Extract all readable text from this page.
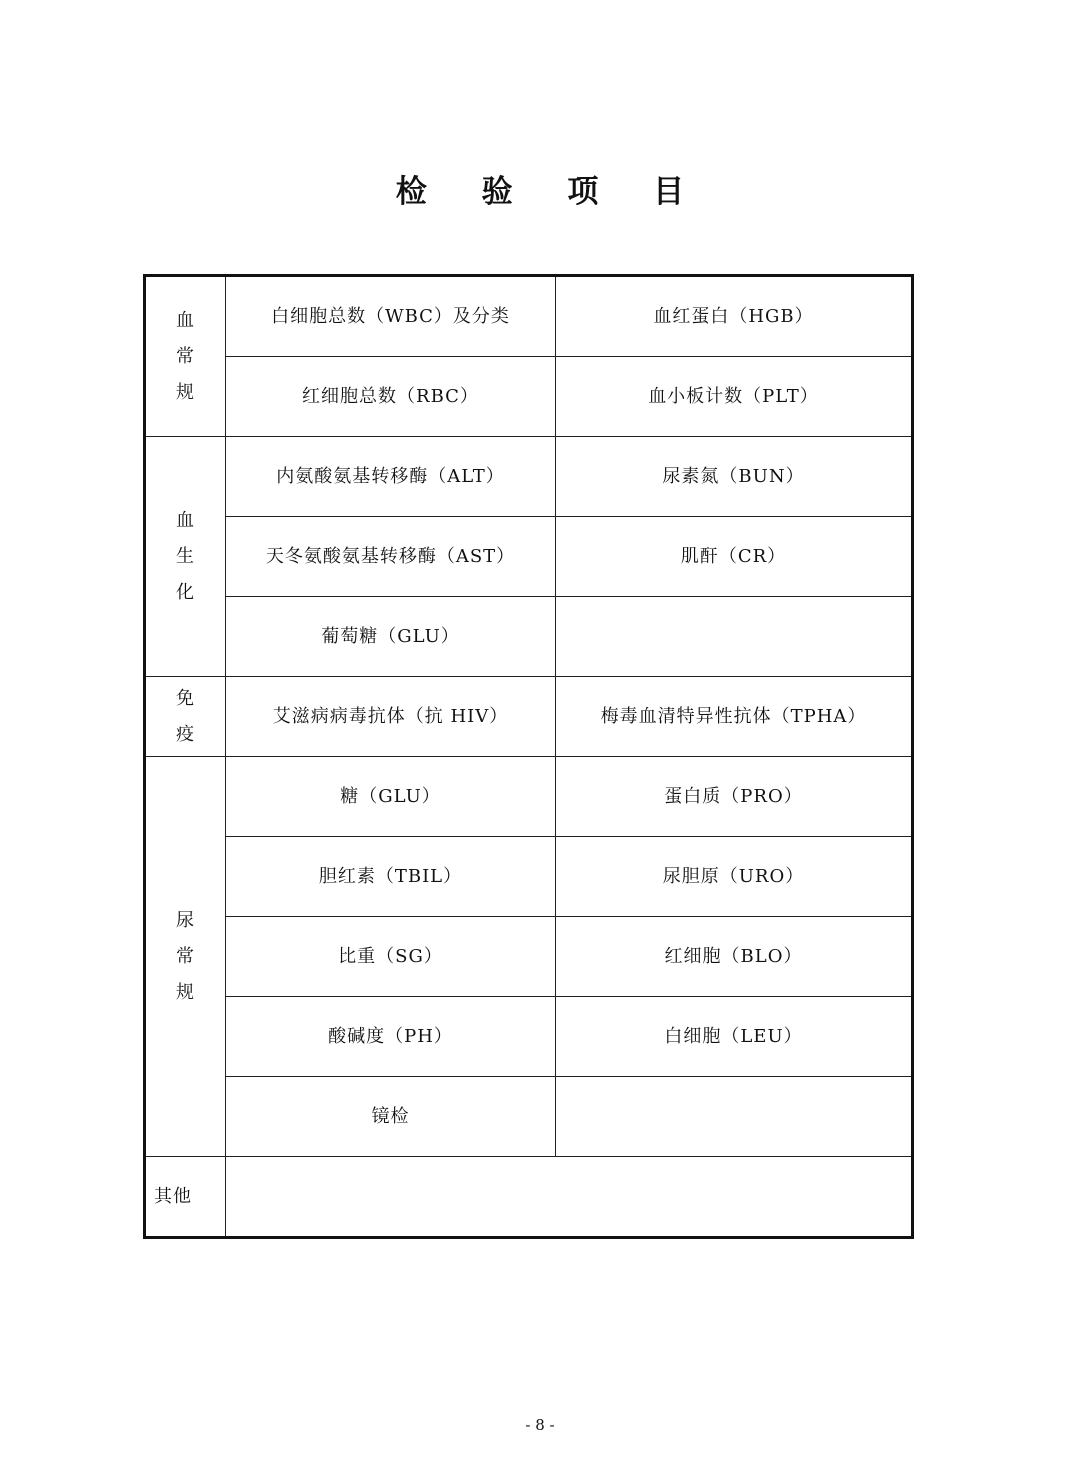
检 验 项 目
血常规	白细胞总数（WBC）及分类	血红蛋白（HGB）
	红细胞总数（RBC）	血小板计数（PLT）
血生化	内氨酸氨基转移酶（ALT）	尿素氮（BUN）
	天冬氨酸氨基转移酶（AST）	肌酐（CR）
	葡萄糖（GLU）	
免疫	艾滋病病毒抗体（抗 HIV）	梅毒血清特异性抗体（TPHA）
尿常规	糖（GLU）	蛋白质（PRO）
	胆红素（TBIL）	尿胆原（URO）
	比重（SG）	红细胞（BLO）
	酸碱度（PH）	白细胞（LEU）
	镜检	
其他		
- 8 -
